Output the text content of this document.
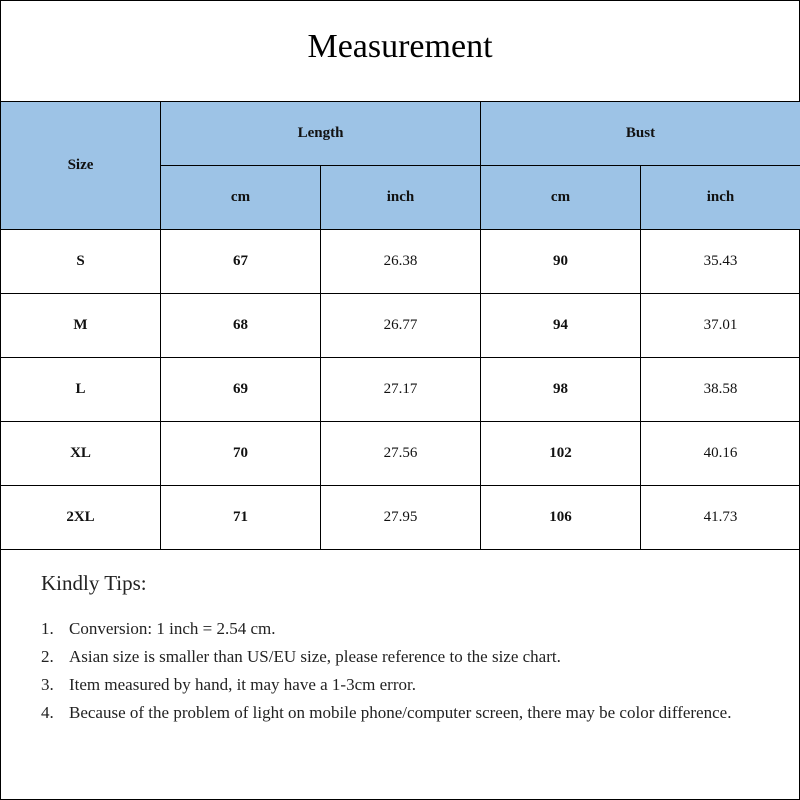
Measurement
Size	Length		Bust	
	cm	inch	cm	inch
S	67	26.38	90	35.43
M	68	26.77	94	37.01
L	69	27.17	98	38.58
XL	70	27.56	102	40.16
2XL	71	27.95	106	41.73
Kindly Tips:
1. Conversion: 1 inch = 2.54 cm.
2. Asian size is smaller than US/EU size, please reference to the size chart.
3. Item measured by hand, it may have a 1-3cm error.
4. Because of the problem of light on mobile phone/computer screen, there may be color difference.
